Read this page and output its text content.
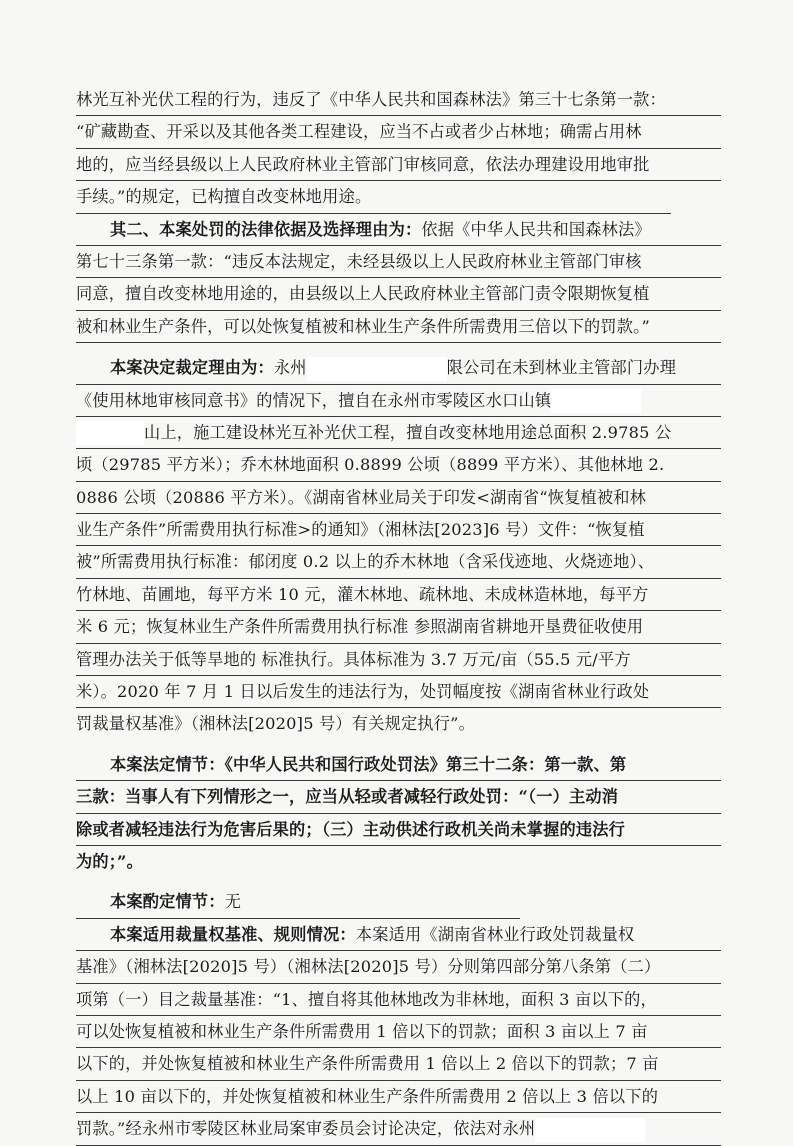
林光互补光伏工程的行为，违反了《中华人民共和国森林法》第三十七条第一款：
“矿藏勘查、开采以及其他各类工程建设，应当不占或者少占林地；确需占用林
地的，应当经县级以上人民政府林业主管部门审核同意，依法办理建设用地审批
手续。”的规定，已构擅自改变林地用途。
其二、本案处罚的法律依据及选择理由为：依据《中华人民共和国森林法》
第七十三条第一款：“违反本法规定，未经县级以上人民政府林业主管部门审核
同意，擅自改变林地用途的，由县级以上人民政府林业主管部门责令限期恢复植
被和林业生产条件，可以处恢复植被和林业生产条件所需费用三倍以下的罚款。”
本案决定裁定理由为：永州	限公司在未到林业主管部门办理
《使用林地审核同意书》的情况下，擅自在永州市零陵区水口山镇
山上，施工建设林光互补光伏工程，擅自改变林地用途总面积 2.9785 公
顷（29785 平方米）；乔木林地面积 0.8899 公顷（8899 平方米）、其他林地 2.
0886 公顷（20886 平方米）。《湖南省林业局关于印发<湖南省“恢复植被和林
业生产条件”所需费用执行标准>的通知》（湘林法[2023]6 号）文件：“恢复植
被”所需费用执行标准：郁闭度 0.2 以上的乔木林地（含采伐迹地、火烧迹地）、
竹林地、苗圃地，每平方米 10 元，灌木林地、疏林地、未成林造林地，每平方
米 6 元；恢复林业生产条件所需费用执行标准 参照湖南省耕地开垦费征收使用
管理办法关于低等旱地的 标准执行。具体标准为 3.7 万元/亩（55.5 元/平方
米）。2020 年 7 月 1 日以后发生的违法行为，处罚幅度按《湖南省林业行政处
罚裁量权基准》（湘林法[2020]5 号）有关规定执行”。
本案法定情节：《中华人民共和国行政处罚法》第三十二条：第一款、第
三款：当事人有下列情形之一，应当从轻或者减轻行政处罚：“（一）主动消
除或者减轻违法行为危害后果的；（三）主动供述行政机关尚未掌握的违法行
为的；”。
本案酌定情节：无
本案适用裁量权基准、规则情况：本案适用《湖南省林业行政处罚裁量权
基准》（湘林法[2020]5 号）（湘林法[2020]5 号）分则第四部分第八条第（二）
项第（一）目之裁量基准：“1、擅自将其他林地改为非林地，面积 3 亩以下的，
可以处恢复植被和林业生产条件所需费用 1 倍以下的罚款；面积 3 亩以上 7 亩
以下的，并处恢复植被和林业生产条件所需费用 1 倍以上 2 倍以下的罚款；7 亩
以上 10 亩以下的，并处恢复植被和林业生产条件所需费用 2 倍以上 3 倍以下的
罚款。”经永州市零陵区林业局案审委员会讨论决定，依法对永州
